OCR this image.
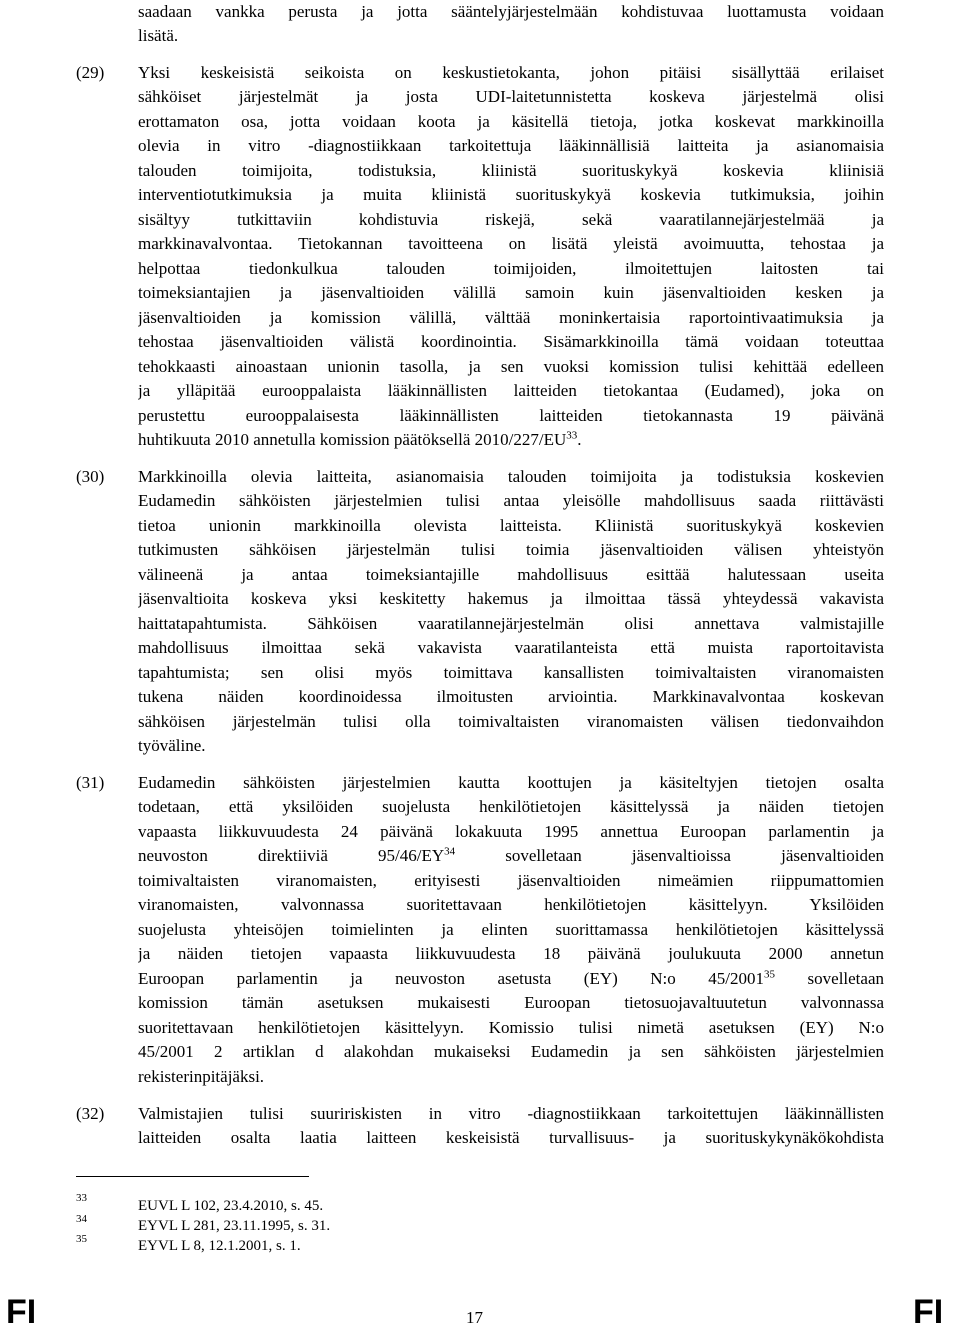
saadaan vankka perusta ja jotta sääntelyjärjestelmään kohdistuvaa luottamusta voidaan
lisätä.
(29) Yksi keskeisistä seikoista on keskustietokanta, johon pitäisi sisällyttää erilaiset
sähköiset järjestelmät ja josta UDI-laitetunnistetta koskeva järjestelmä olisi
erottamaton osa, jotta voidaan koota ja käsitellä tietoja, jotka koskevat markkinoilla
olevia in vitro -diagnostiikkaan tarkoitettuja lääkinnällisiä laitteita ja asianomaisia
talouden toimijoita, todistuksia, kliinistä suorituskykyä koskevia kliinisiä
interventiotutkimuksia ja muita kliinistä suorituskykyä koskevia tutkimuksia, joihin
sisältyy tutkittaviin kohdistuvia riskejä, sekä vaaratilannejärjestelmää ja
markkinavalvontaa. Tietokannan tavoitteena on lisätä yleistä avoimuutta, tehostaa ja
helpottaa tiedonkulkua talouden toimijoiden, ilmoitettujen laitosten tai
toimeksiantajien ja jäsenvaltioiden välillä samoin kuin jäsenvaltioiden kesken ja
jäsenvaltioiden ja komission välillä, välttää moninkertaisia raportointivaatimuksia ja
tehostaa jäsenvaltioiden välistä koordinointia. Sisämarkkinoilla tämä voidaan toteuttaa
tehokkaasti ainoastaan unionin tasolla, ja sen vuoksi komission tulisi kehittää edelleen
ja ylläpitää eurooppalaista lääkinnällisten laitteiden tietokantaa (Eudamed), joka on
perustettu eurooppalaisesta lääkinnällisten laitteiden tietokannasta 19 päivänä
huhtikuuta 2010 annetulla komission päätöksellä 2010/227/EU$^{33}$.
(30) Markkinoilla olevia laitteita, asianomaisia talouden toimijoita ja todistuksia koskevien
Eudamedin sähköisten järjestelmien tulisi antaa yleisölle mahdollisuus saada riittävästi
tietoa unionin markkinoilla olevista laitteista. Kliinistä suorituskykyä koskevien
tutkimusten sähköisen järjestelmän tulisi toimia jäsenvaltioiden välisen yhteistyön
välineenä ja antaa toimeksiantajille mahdollisuus esittää halutessaan useita
jäsenvaltioita koskeva yksi keskitetty hakemus ja ilmoittaa tässä yhteydessä vakavista
haittatapahtumista. Sähköisen vaaratilannejärjestelmän olisi annettava valmistajille
mahdollisuus ilmoittaa sekä vakavista vaaratilanteista että muista raportoitavista
tapahtumista; sen olisi myös toimittava kansallisten toimivaltaisten viranomaisten
tukena näiden koordinoidessa ilmoitusten arviointia. Markkinavalvontaa koskevan
sähköisen järjestelmän tulisi olla toimivaltaisten viranomaisten välisen tiedonvaihdon
työväline.
(31) Eudamedin sähköisten järjestelmien kautta koottujen ja käsiteltyjen tietojen osalta
todetaan, että yksilöiden suojelusta henkilötietojen käsittelyssä ja näiden tietojen
vapaasta liikkuvuudesta 24 päivänä lokakuuta 1995 annettua Euroopan parlamentin ja
neuvoston direktiiviä 95/46/EY$^{34}$	sovelletaan jäsenvaltioissa jäsenvaltioiden
toimivaltaisten viranomaisten, erityisesti jäsenvaltioiden nimeämien riippumattomien
viranomaisten, valvonnassa suoritettavaan henkilötietojen käsittelyyn. Yksilöiden
suojelusta yhteisöjen toimielinten ja elinten suorittamassa henkilötietojen käsittelyssä
ja näiden tietojen vapaasta liikkuvuudesta 18 päivänä joulukuuta 2000 annetun
Euroopan parlamentin ja neuvoston asetusta (EY) N:o 45/2001$^{35}$ sovelletaan
komission tämän asetuksen mukaisesti Euroopan tietosuojavaltuutetun valvonnassa
suoritettavaan henkilötietojen käsittelyyn. Komissio tulisi nimetä asetuksen (EY) N:o
45/2001 2 artiklan d alakohdan mukaiseksi Eudamedin ja sen sähköisten järjestelmien
rekisterinpitäjäksi.
(32) Valmistajien tulisi suuririskisten in vitro -diagnostiikkaan tarkoitettujen lääkinnällisten
laitteiden osalta laatia laitteen keskeisistä turvallisuus- ja suorituskykynäkökohdista
33	EUVL L 102, 23.4.2010, s. 45.
34	EYVL L 281, 23.11.1995, s. 31.
35	EYVL L 8, 12.1.2001, s. 1.
FI	17	FI
